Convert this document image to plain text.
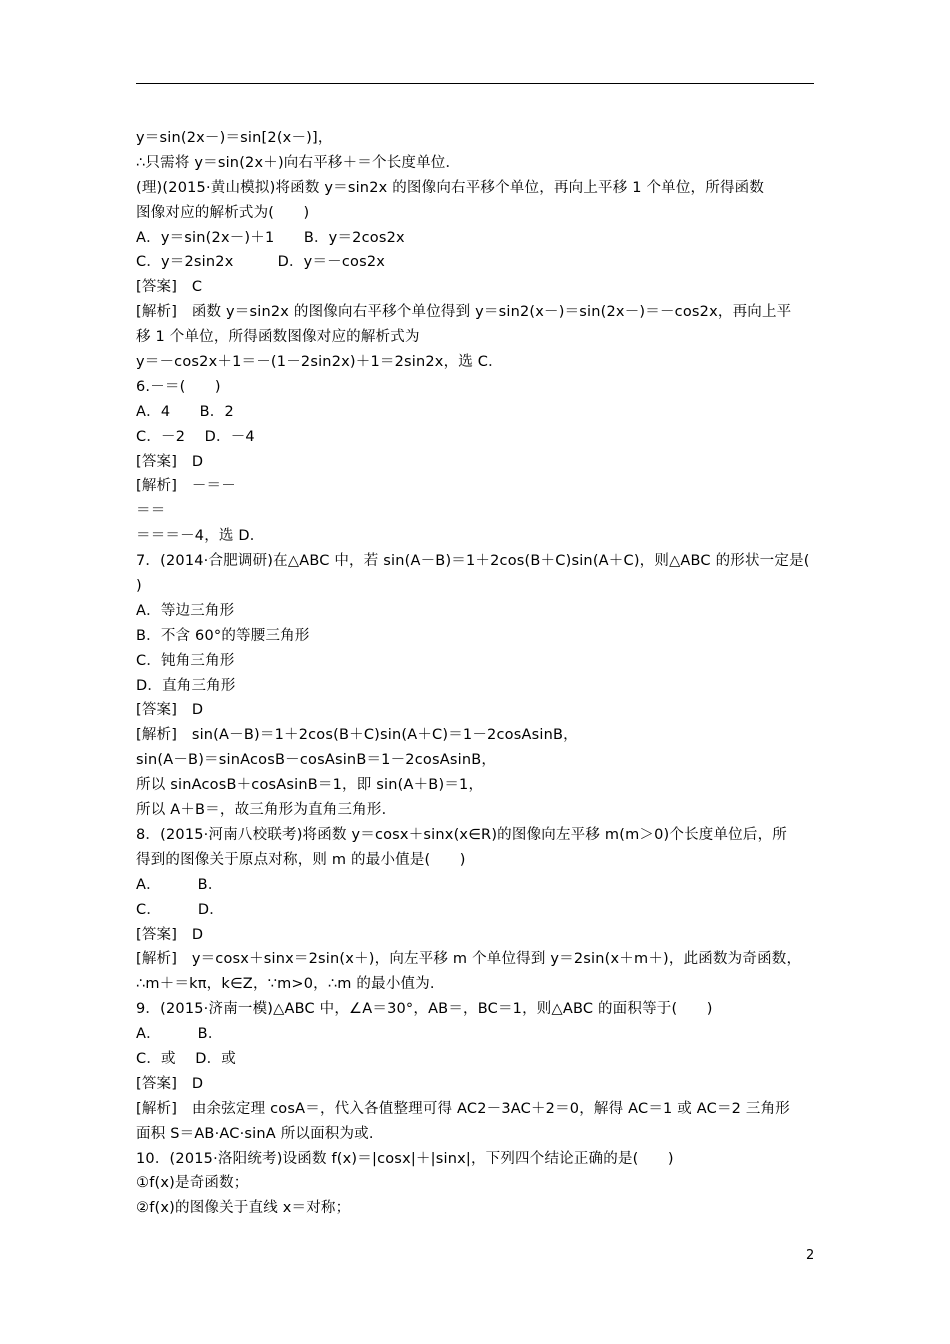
y＝sin(2x－)＝sin[2(x－)]，
∴只需将 y＝sin(2x＋)向右平移＋＝个长度单位．
(理)(2015·黄山模拟)将函数 y＝sin2x 的图像向右平移个单位，再向上平移 1 个单位，所得函数
图像对应的解析式为(　　)
A．y＝sin(2x－)＋1　　B．y＝2cos2x
C．y＝2sin2x　　　D．y＝－cos2x
[答案]　C
[解析]　函数 y＝sin2x 的图像向右平移个单位得到 y＝sin2(x－)＝sin(2x－)＝－cos2x，再向上平
移 1 个单位，所得函数图像对应的解析式为
y＝－cos2x＋1＝－(1－2sin2x)＋1＝2sin2x，选 C．
6.－＝(　　)
A．4　　B．2
C．－2　 D．－4
[答案]　D
[解析]　－＝－
＝＝
＝＝＝－4，选 D．
7．(2014·合肥调研)在△ABC 中，若 sin(A－B)＝1＋2cos(B＋C)sin(A＋C)，则△ABC 的形状一定是(
)
A．等边三角形
B．不含 60°的等腰三角形
C．钝角三角形
D．直角三角形
[答案]　D
[解析]　sin(A－B)＝1＋2cos(B＋C)sin(A＋C)＝1－2cosAsinB，
sin(A－B)＝sinAcosB－cosAsinB＝1－2cosAsinB，
所以 sinAcosB＋cosAsinB＝1，即 sin(A＋B)＝1，
所以 A＋B＝，故三角形为直角三角形．
8．(2015·河南八校联考)将函数 y＝cosx＋sinx(x∈R)的图像向左平移 m(m＞0)个长度单位后，所
得到的图像关于原点对称，则 m 的最小值是(　　)
A．　　　B．
C．　　　D．
[答案]　D
[解析]　y＝cosx＋sinx＝2sin(x＋)，向左平移 m 个单位得到 y＝2sin(x＋m＋)，此函数为奇函数，
∴m＋＝kπ，k∈Z，∵m>0，∴m 的最小值为.
9．(2015·济南一模)△ABC 中，∠A＝30°，AB＝，BC＝1，则△ABC 的面积等于(　　)
A．　　　B．
C．或　 D．或
[答案]　D
[解析]　由余弦定理 cosA＝，代入各值整理可得 AC2－3AC＋2＝0，解得 AC＝1 或 AC＝2 三角形
面积 S＝AB·AC·sinA 所以面积为或.
10．(2015·洛阳统考)设函数 f(x)＝|cosx|＋|sinx|，下列四个结论正确的是(　　)
①f(x)是奇函数；
②f(x)的图像关于直线 x＝对称；
2
